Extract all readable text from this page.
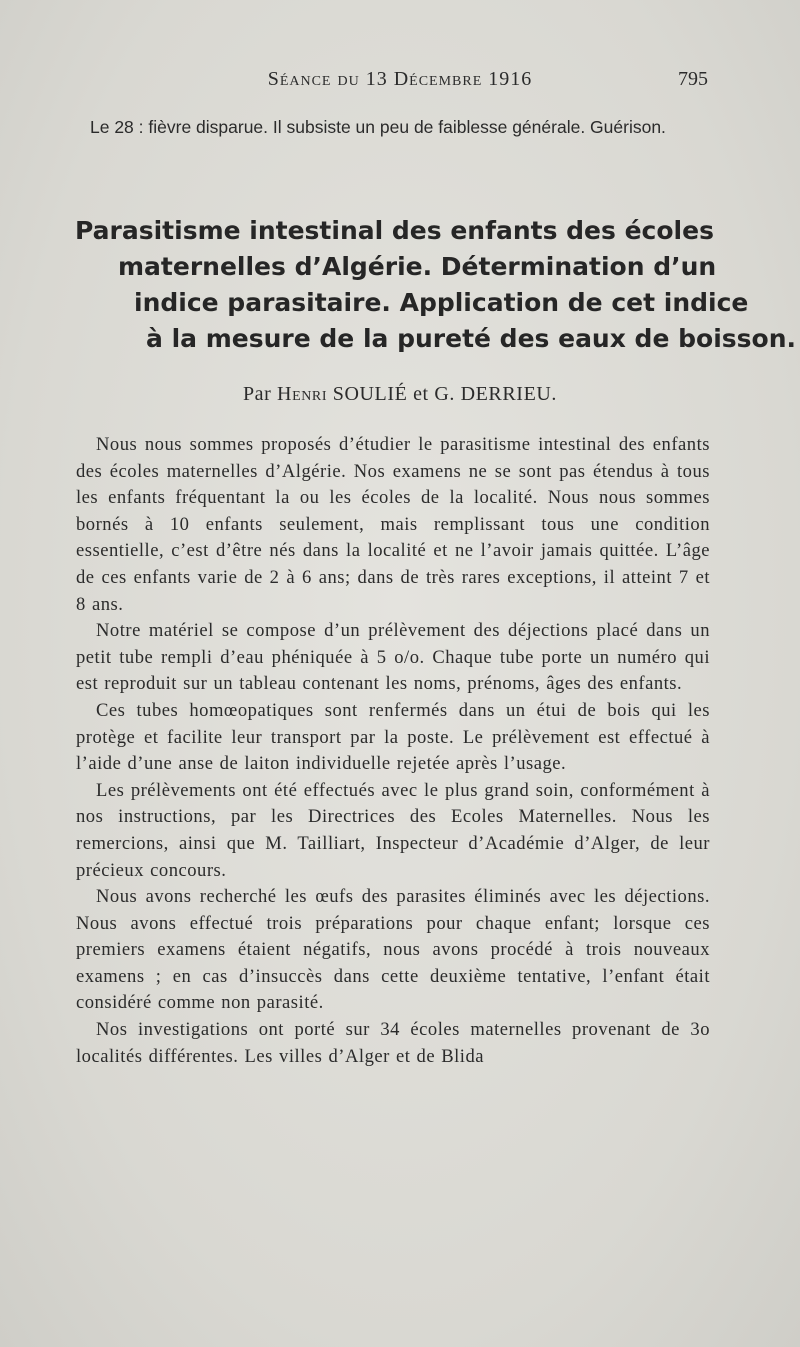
Séance du 13 Décembre 1916	795
Le 28 : fièvre disparue. Il subsiste un peu de faiblesse générale. Guérison.
Parasitisme intestinal des enfants des écoles
maternelles d’Algérie. Détermination d’un
indice parasitaire. Application de cet indice
à la mesure de la pureté des eaux de boisson.
Par Henri SOULIÉ et G. DERRIEU.

Nous nous sommes proposés d’étudier le parasitisme intestinal des enfants des écoles maternelles d’Algérie. Nos examens ne se sont pas étendus à tous les enfants fréquentant la ou les écoles de la localité. Nous nous sommes bornés à 10 enfants seulement, mais remplissant tous une condition essentielle, c’est d’être nés dans la localité et ne l’avoir jamais quittée. L’âge de ces enfants varie de 2 à 6 ans; dans de très rares exceptions, il atteint 7 et 8 ans.

Notre matériel se compose d’un prélèvement des déjections placé dans un petit tube rempli d’eau phéniquée à 5 o/o. Chaque tube porte un numéro qui est reproduit sur un tableau contenant les noms, prénoms, âges des enfants.

Ces tubes homœopatiques sont renfermés dans un étui de bois qui les protège et facilite leur transport par la poste. Le prélèvement est effectué à l’aide d’une anse de laiton individuelle rejetée après l’usage.

Les prélèvements ont été effectués avec le plus grand soin, conformément à nos instructions, par les Directrices des Ecoles Maternelles. Nous les remercions, ainsi que M. Tailliart, Inspecteur d’Académie d’Alger, de leur précieux concours.

Nous avons recherché les œufs des parasites éliminés avec les déjections. Nous avons effectué trois préparations pour chaque enfant; lorsque ces premiers examens étaient négatifs, nous avons procédé à trois nouveaux examens ; en cas d’insuccès dans cette deuxième tentative, l’enfant était considéré comme non parasité.

Nos investigations ont porté sur 34 écoles maternelles provenant de 3o localités différentes. Les villes d’Alger et de Blida
